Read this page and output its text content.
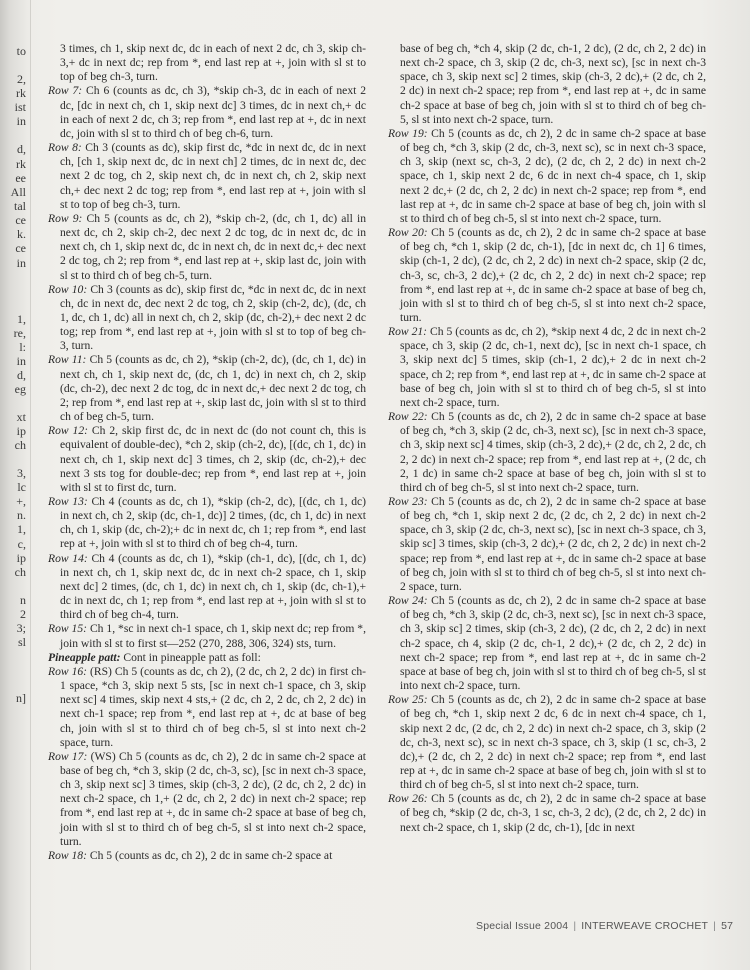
to
2,
rk
ist
in
d,
rk
ee
All
tal
ce
k.
ce
in
1,
re,
l:
in
d,
eg
xt
ip
ch
3,
lc
+,
n.
1,
c,
ip
ch
n
2
3;
sl
n]

3 times, ch 1, skip next dc, dc in each of next 2 dc, ch 3, skip ch-3,+ dc in next dc; rep from *, end last rep at +, join with sl st to top of beg ch-3, turn.

Row 7: Ch 6 (counts as dc, ch 3), *skip ch-3, dc in each of next 2 dc, [dc in next ch, ch 1, skip next dc] 3 times, dc in next ch,+ dc in each of next 2 dc, ch 3; rep from *, end last rep at +, dc in next dc, join with sl st to third ch of beg ch-6, turn.

Row 8: Ch 3 (counts as dc), skip first dc, *dc in next dc, dc in next ch, [ch 1, skip next dc, dc in next ch] 2 times, dc in next dc, dec next 2 dc tog, ch 2, skip next ch, dc in next ch, ch 2, skip next ch,+ dec next 2 dc tog; rep from *, end last rep at +, join with sl st to top of beg ch-3, turn.

Row 9: Ch 5 (counts as dc, ch 2), *skip ch-2, (dc, ch 1, dc) all in next dc, ch 2, skip ch-2, dec next 2 dc tog, dc in next dc, dc in next ch, ch 1, skip next dc, dc in next ch, dc in next dc,+ dec next 2 dc tog, ch 2; rep from *, end last rep at +, skip last dc, join with sl st to third ch of beg ch-5, turn.

Row 10: Ch 3 (counts as dc), skip first dc, *dc in next dc, dc in next ch, dc in next dc, dec next 2 dc tog, ch 2, skip (ch-2, dc), (dc, ch 1, dc, ch 1, dc) all in next ch, ch 2, skip (dc, ch-2),+ dec next 2 dc tog; rep from *, end last rep at +, join with sl st to top of beg ch-3, turn.

Row 11: Ch 5 (counts as dc, ch 2), *skip (ch-2, dc), (dc, ch 1, dc) in next ch, ch 1, skip next dc, (dc, ch 1, dc) in next ch, ch 2, skip (dc, ch-2), dec next 2 dc tog, dc in next dc,+ dec next 2 dc tog, ch 2; rep from *, end last rep at +, skip last dc, join with sl st to third ch of beg ch-5, turn.

Row 12: Ch 2, skip first dc, dc in next dc (do not count ch, this is equivalent of double-dec), *ch 2, skip (ch-2, dc), [(dc, ch 1, dc) in next ch, ch 1, skip next dc] 3 times, ch 2, skip (dc, ch-2),+ dec next 3 sts tog for double-dec; rep from *, end last rep at +, join with sl st to first dc, turn.

Row 13: Ch 4 (counts as dc, ch 1), *skip (ch-2, dc), [(dc, ch 1, dc) in next ch, ch 2, skip (dc, ch-1, dc)] 2 times, (dc, ch 1, dc) in next ch, ch 1, skip (dc, ch-2);+ dc in next dc, ch 1; rep from *, end last rep at +, join with sl st to third ch of beg ch-4, turn.

Row 14: Ch 4 (counts as dc, ch 1), *skip (ch-1, dc), [(dc, ch 1, dc) in next ch, ch 1, skip next dc, dc in next ch-2 space, ch 1, skip next dc] 2 times, (dc, ch 1, dc) in next ch, ch 1, skip (dc, ch-1),+ dc in next dc, ch 1; rep from *, end last rep at +, join with sl st to third ch of beg ch-4, turn.

Row 15: Ch 1, *sc in next ch-1 space, ch 1, skip next dc; rep from *, join with sl st to first st—252 (270, 288, 306, 324) sts, turn.

Pineapple patt: Cont in pineapple patt as foll:

Row 16: (RS) Ch 5 (counts as dc, ch 2), (2 dc, ch 2, 2 dc) in first ch-1 space, *ch 3, skip next 5 sts, [sc in next ch-1 space, ch 3, skip next sc] 4 times, skip next 4 sts,+ (2 dc, ch 2, 2 dc, ch 2, 2 dc) in next ch-1 space; rep from *, end last rep at +, dc at base of beg ch, join with sl st to third ch of beg ch-5, sl st into next ch-2 space, turn.

Row 17: (WS) Ch 5 (counts as dc, ch 2), 2 dc in same ch-2 space at base of beg ch, *ch 3, skip (2 dc, ch-3, sc), [sc in next ch-3 space, ch 3, skip next sc] 3 times, skip (ch-3, 2 dc), (2 dc, ch 2, 2 dc) in next ch-2 space, ch 1,+ (2 dc, ch 2, 2 dc) in next ch-2 space; rep from *, end last rep at +, dc in same ch-2 space at base of beg ch, join with sl st to third ch of beg ch-5, sl st into next ch-2 space, turn.

Row 18: Ch 5 (counts as dc, ch 2), 2 dc in same ch-2 space at

base of beg ch, *ch 4, skip (2 dc, ch-1, 2 dc), (2 dc, ch 2, 2 dc) in next ch-2 space, ch 3, skip (2 dc, ch-3, next sc), [sc in next ch-3 space, ch 3, skip next sc] 2 times, skip (ch-3, 2 dc),+ (2 dc, ch 2, 2 dc) in next ch-2 space; rep from *, end last rep at +, dc in same ch-2 space at base of beg ch, join with sl st to third ch of beg ch-5, sl st into next ch-2 space, turn.

Row 19: Ch 5 (counts as dc, ch 2), 2 dc in same ch-2 space at base of beg ch, *ch 3, skip (2 dc, ch-3, next sc), sc in next ch-3 space, ch 3, skip (next sc, ch-3, 2 dc), (2 dc, ch 2, 2 dc) in next ch-2 space, ch 1, skip next 2 dc, 6 dc in next ch-4 space, ch 1, skip next 2 dc,+ (2 dc, ch 2, 2 dc) in next ch-2 space; rep from *, end last rep at +, dc in same ch-2 space at base of beg ch, join with sl st to third ch of beg ch-5, sl st into next ch-2 space, turn.

Row 20: Ch 5 (counts as dc, ch 2), 2 dc in same ch-2 space at base of beg ch, *ch 1, skip (2 dc, ch-1), [dc in next dc, ch 1] 6 times, skip (ch-1, 2 dc), (2 dc, ch 2, 2 dc) in next ch-2 space, skip (2 dc, ch-3, sc, ch-3, 2 dc),+ (2 dc, ch 2, 2 dc) in next ch-2 space; rep from *, end last rep at +, dc in same ch-2 space at base of beg ch, join with sl st to third ch of beg ch-5, sl st into next ch-2 space, turn.

Row 21: Ch 5 (counts as dc, ch 2), *skip next 4 dc, 2 dc in next ch-2 space, ch 3, skip (2 dc, ch-1, next dc), [sc in next ch-1 space, ch 3, skip next dc] 5 times, skip (ch-1, 2 dc),+ 2 dc in next ch-2 space, ch 2; rep from *, end last rep at +, dc in same ch-2 space at base of beg ch, join with sl st to third ch of beg ch-5, sl st into next ch-2 space, turn.

Row 22: Ch 5 (counts as dc, ch 2), 2 dc in same ch-2 space at base of beg ch, *ch 3, skip (2 dc, ch-3, next sc), [sc in next ch-3 space, ch 3, skip next sc] 4 times, skip (ch-3, 2 dc),+ (2 dc, ch 2, 2 dc, ch 2, 2 dc) in next ch-2 space; rep from *, end last rep at +, (2 dc, ch 2, 1 dc) in same ch-2 space at base of beg ch, join with sl st to third ch of beg ch-5, sl st into next ch-2 space, turn.

Row 23: Ch 5 (counts as dc, ch 2), 2 dc in same ch-2 space at base of beg ch, *ch 1, skip next 2 dc, (2 dc, ch 2, 2 dc) in next ch-2 space, ch 3, skip (2 dc, ch-3, next sc), [sc in next ch-3 space, ch 3, skip sc] 3 times, skip (ch-3, 2 dc),+ (2 dc, ch 2, 2 dc) in next ch-2 space; rep from *, end last rep at +, dc in same ch-2 space at base of beg ch, join with sl st to third ch of beg ch-5, sl st into next ch-2 space, turn.

Row 24: Ch 5 (counts as dc, ch 2), 2 dc in same ch-2 space at base of beg ch, *ch 3, skip (2 dc, ch-3, next sc), [sc in next ch-3 space, ch 3, skip sc] 2 times, skip (ch-3, 2 dc), (2 dc, ch 2, 2 dc) in next ch-2 space, ch 4, skip (2 dc, ch-1, 2 dc),+ (2 dc, ch 2, 2 dc) in next ch-2 space; rep from *, end last rep at +, dc in same ch-2 space at base of beg ch, join with sl st to third ch of beg ch-5, sl st into next ch-2 space, turn.

Row 25: Ch 5 (counts as dc, ch 2), 2 dc in same ch-2 space at base of beg ch, *ch 1, skip next 2 dc, 6 dc in next ch-4 space, ch 1, skip next 2 dc, (2 dc, ch 2, 2 dc) in next ch-2 space, ch 3, skip (2 dc, ch-3, next sc), sc in next ch-3 space, ch 3, skip (1 sc, ch-3, 2 dc),+ (2 dc, ch 2, 2 dc) in next ch-2 space; rep from *, end last rep at +, dc in same ch-2 space at base of beg ch, join with sl st to third ch of beg ch-5, sl st into next ch-2 space, turn.

Row 26: Ch 5 (counts as dc, ch 2), 2 dc in same ch-2 space at base of beg ch, *skip (2 dc, ch-3, 1 sc, ch-3, 2 dc), (2 dc, ch 2, 2 dc) in next ch-2 space, ch 1, skip (2 dc, ch-1), [dc in next

Special Issue 2004 | INTERWEAVE CROCHET | 57
